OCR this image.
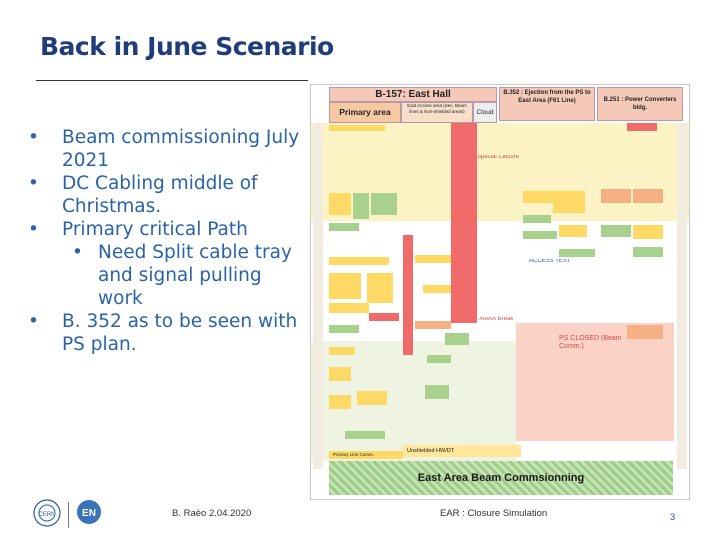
Back in June Scenario
• Beam commissioning July 2021
• DC Cabling middle of Christmas.
• Primary critical Path
• Need Split cable tray and signal pulling work
• B. 352 as to be seen with PS plan.
B-157: East Hall
Primary area
East Access area (Sec. Beam lines & Non-shielded areas)	Cloud
B.352 : Ejection from the PS to East Area (F61 Line)	B.251 : Power Converters bldg.
Special Closure
XMAS Break
ACCESS TEST
PS CLOSED (Beam Comm.)
Unshielded HW/DT
Primary Line Comm.
East Area Beam Commsionning
CERN	EN	B. Raèo 2.04.2020	EAR : Closure Simulation	3
